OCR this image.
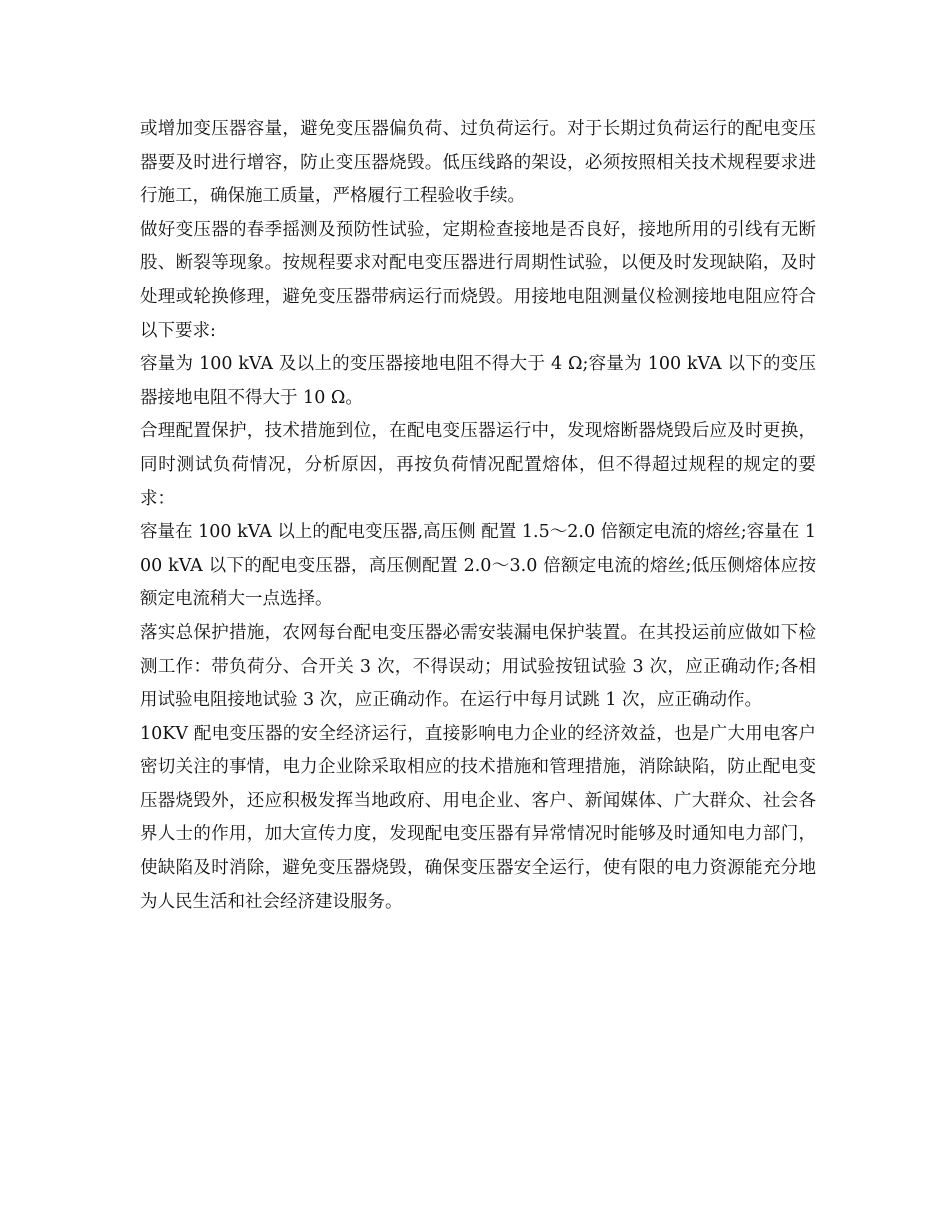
或增加变压器容量，避免变压器偏负荷、过负荷运行。对于长期过负荷运行的配电变压器要及时进行增容，防止变压器烧毁。低压线路的架设，必须按照相关技术规程要求进行施工，确保施工质量，严格履行工程验收手续。

做好变压器的春季摇测及预防性试验，定期检查接地是否良好，接地所用的引线有无断股、断裂等现象。按规程要求对配电变压器进行周期性试验，以便及时发现缺陷，及时处理或轮换修理，避免变压器带病运行而烧毁。用接地电阻测量仪检测接地电阻应符合以下要求:

容量为 100 kVA 及以上的变压器接地电阻不得大于 4 Ω;容量为 100 kVA 以下的变压器接地电阻不得大于 10 Ω。

合理配置保护，技术措施到位，在配电变压器运行中，发现熔断器烧毁后应及时更换，同时测试负荷情况，分析原因，再按负荷情况配置熔体，但不得超过规程的规定的要求：

容量在 100 kVA 以上的配电变压器,高压侧 配置 1.5～2.0 倍额定电流的熔丝;容量在 100 kVA 以下的配电变压器，高压侧配置 2.0～3.0 倍额定电流的熔丝;低压侧熔体应按额定电流稍大一点选择。

落实总保护措施，农网每台配电变压器必需安装漏电保护装置。在其投运前应做如下检测工作：带负荷分、合开关 3 次，不得误动；用试验按钮试验 3 次，应正确动作;各相用试验电阻接地试验 3 次，应正确动作。在运行中每月试跳 1 次，应正确动作。

10KV 配电变压器的安全经济运行，直接影响电力企业的经济效益，也是广大用电客户密切关注的事情，电力企业除采取相应的技术措施和管理措施，消除缺陷，防止配电变压器烧毁外，还应积极发挥当地政府、用电企业、客户、新闻媒体、广大群众、社会各界人士的作用，加大宣传力度，发现配电变压器有异常情况时能够及时通知电力部门，使缺陷及时消除，避免变压器烧毁，确保变压器安全运行，使有限的电力资源能充分地为人民生活和社会经济建设服务。
